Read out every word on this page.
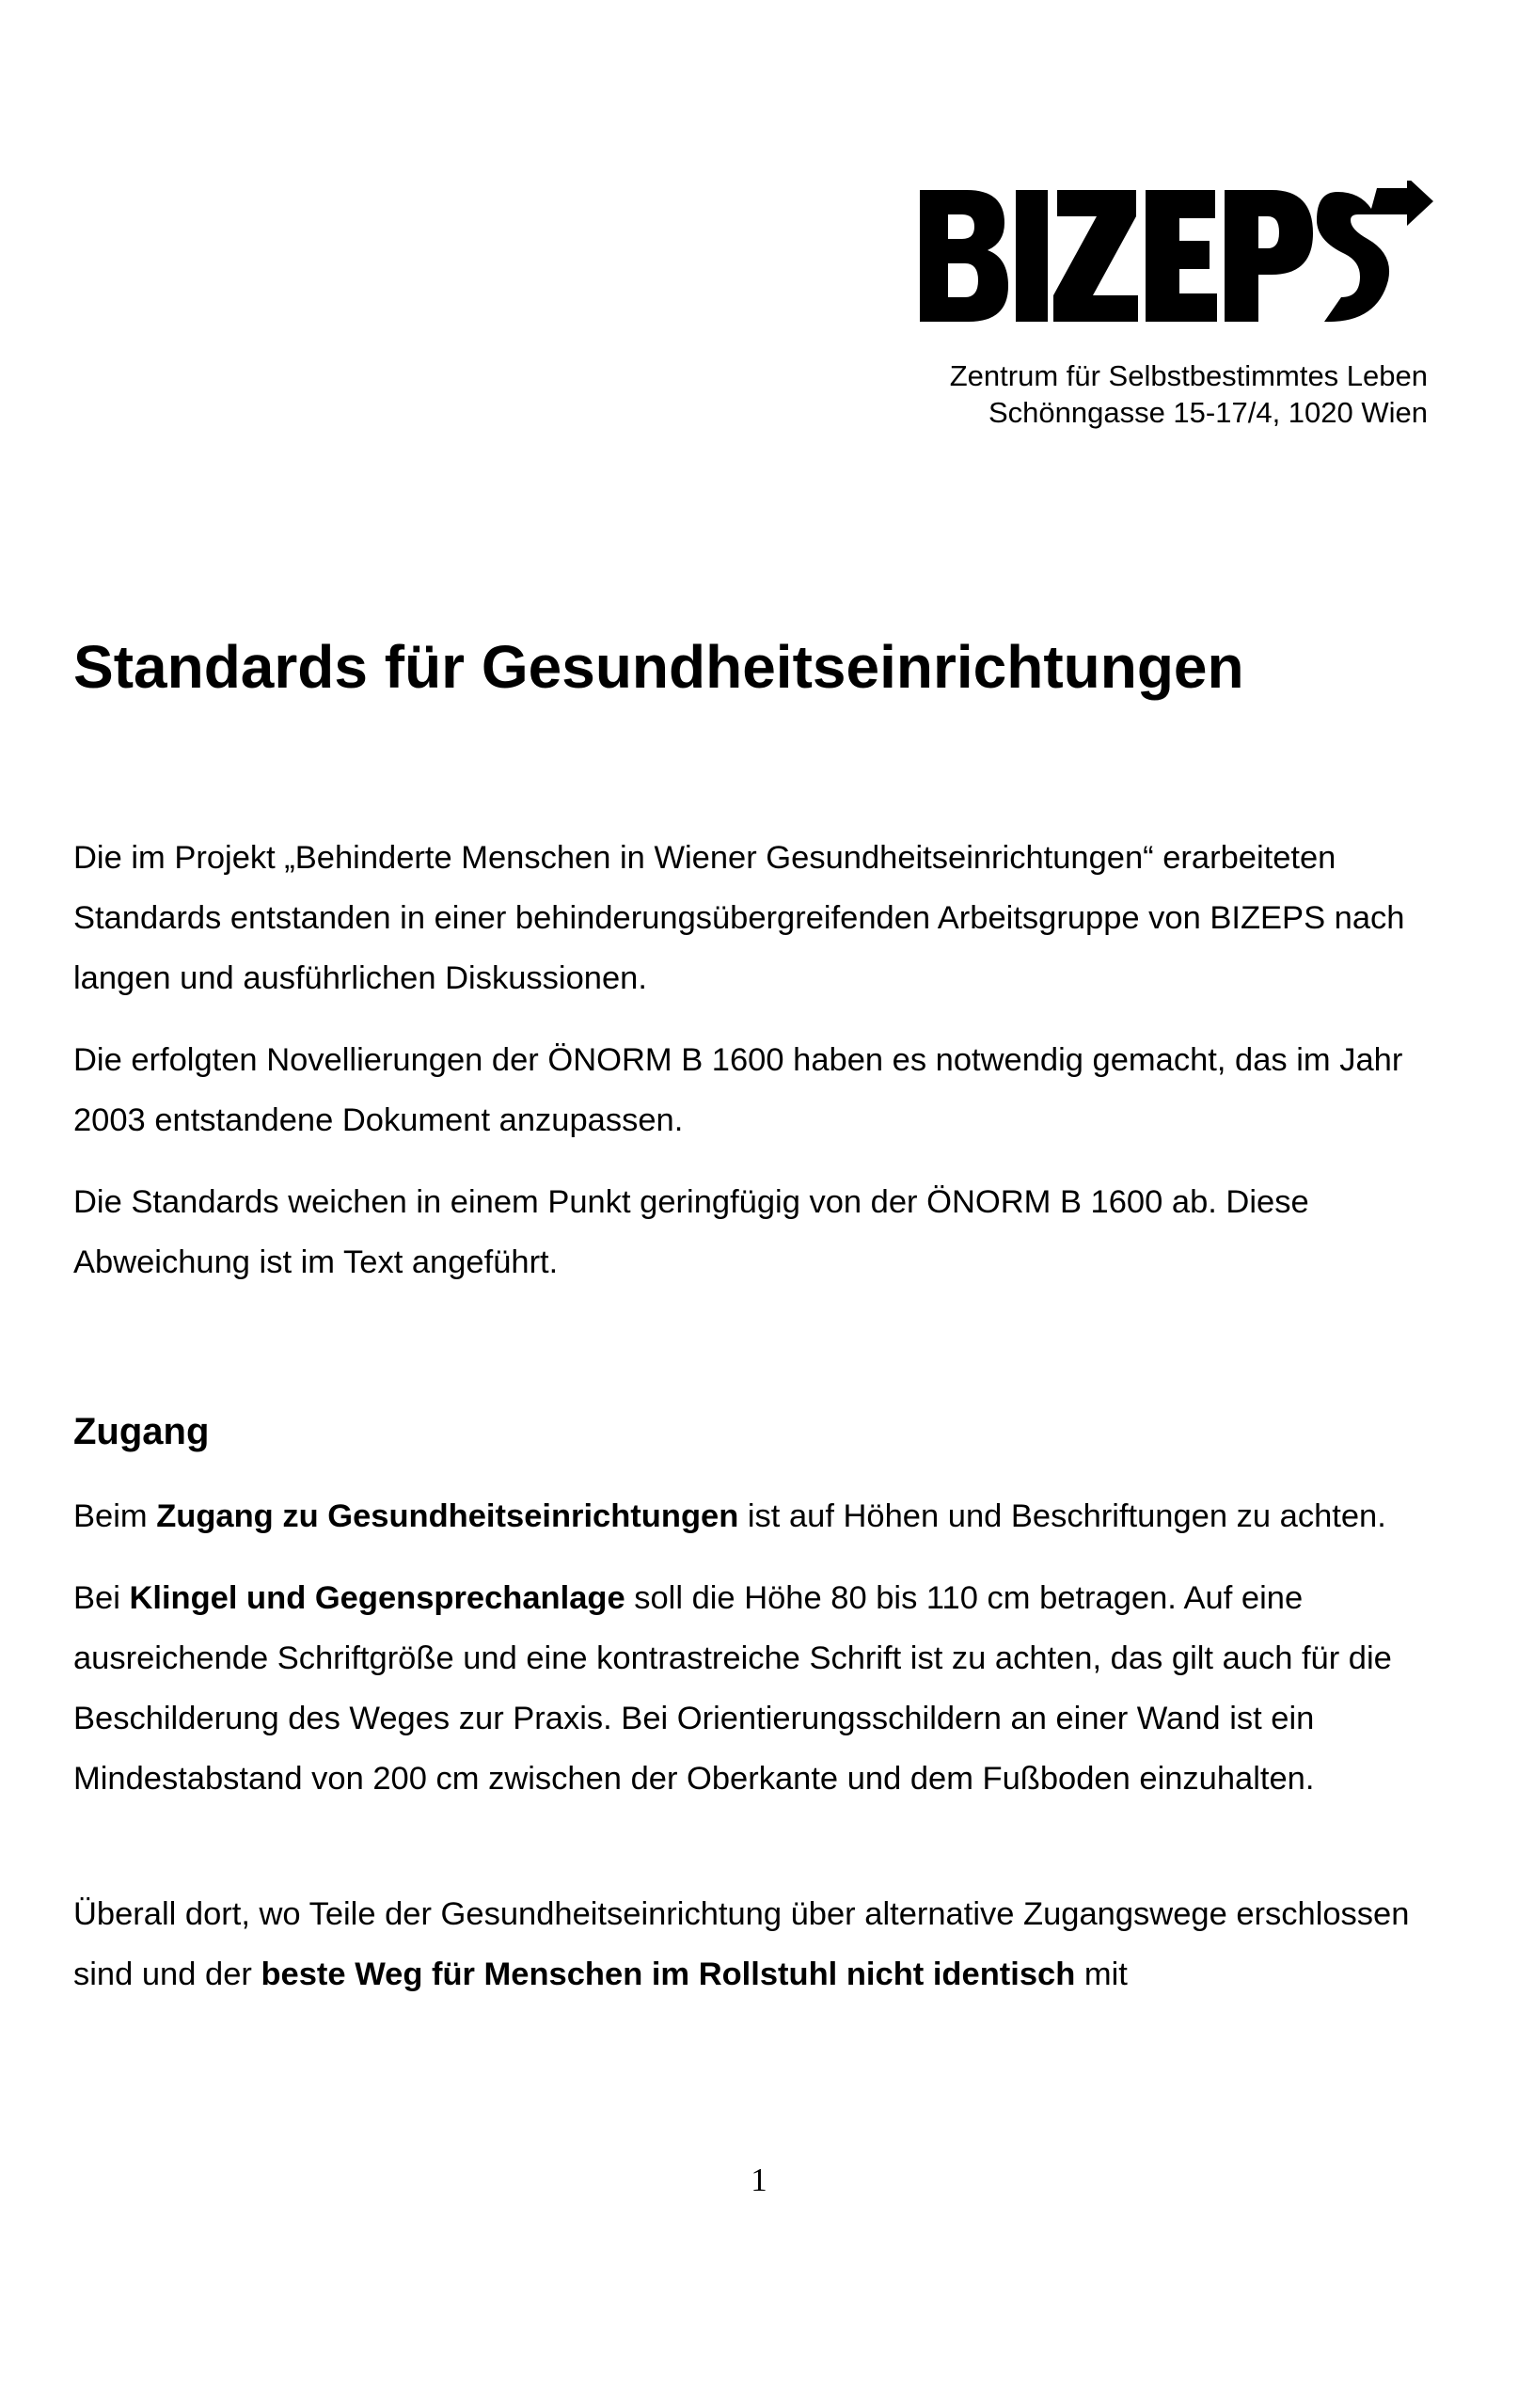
Zentrum für Selbstbestimmtes Leben
Schönngasse 15-17/4, 1020 Wien
Standards für Gesundheitseinrichtungen

Die im Projekt „Behinderte Menschen in Wiener Gesundheitseinrichtungen“ erarbeiteten Standards entstanden in einer behinderungsübergreifenden Arbeitsgruppe von BIZEPS nach langen und ausführlichen Diskussionen.

Die erfolgten Novellierungen der ÖNORM B 1600 haben es notwendig gemacht, das im Jahr 2003 entstandene Dokument anzupassen.

Die Standards weichen in einem Punkt geringfügig von der ÖNORM B 1600 ab. Diese Abweichung ist im Text angeführt.

Zugang

Beim Zugang zu Gesundheitseinrichtungen ist auf Höhen und Beschriftungen zu achten.

Bei Klingel und Gegensprechanlage soll die Höhe 80 bis 110 cm betragen. Auf eine ausreichende Schriftgröße und eine kontrastreiche Schrift ist zu achten, das gilt auch für die Beschilderung des Weges zur Praxis. Bei Orientierungsschildern an einer Wand ist ein Mindestabstand von 200 cm zwischen der Oberkante und dem Fußboden einzuhalten.

Überall dort, wo Teile der Gesundheitseinrichtung über alternative Zugangswege erschlossen sind und der beste Weg für Menschen im Rollstuhl nicht identisch mit

1
